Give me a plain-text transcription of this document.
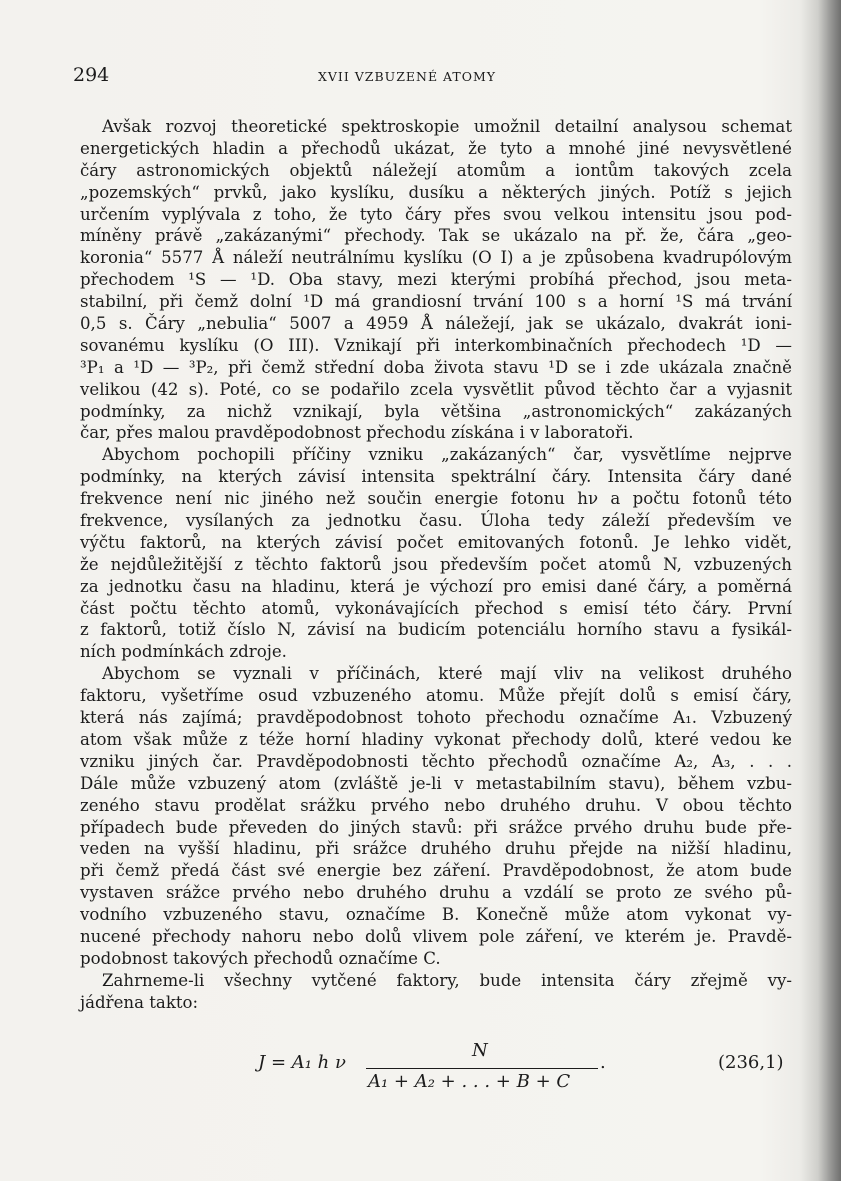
294	XVII VZBUZENÉ ATOMY
Avšak rozvoj theoretické spektroskopie umožnil detailní analysou schemat
energetických hladin a přechodů ukázat, že tyto a mnohé jiné nevysvětlené
čáry astronomických objektů náležejí atomům a iontům takových zcela
„pozemských“ prvků, jako kyslíku, dusíku a některých jiných. Potíž s jejich
určením vyplývala z toho, že tyto čáry přes svou velkou intensitu jsou pod-
míněny právě „zakázanými“ přechody. Tak se ukázalo na př. že, čára „geo-
koronia“ 5577 Å náleží neutrálnímu kyslíku (O I) a je způsobena kvadrupólovým
přechodem ¹S — ¹D. Oba stavy, mezi kterými probíhá přechod, jsou meta-
stabilní, při čemž dolní ¹D má grandiosní trvání 100 s a horní ¹S má trvání
0,5 s. Čáry „nebulia“ 5007 a 4959 Å náležejí, jak se ukázalo, dvakrát ioni-
sovanému kyslíku (O III). Vznikají při interkombinačních přechodech ¹D —
³P₁ a ¹D — ³P₂, při čemž střední doba života stavu ¹D se i zde ukázala značně
velikou (42 s). Poté, co se podařilo zcela vysvětlit původ těchto čar a vyjasnit
podmínky, za nichž vznikají, byla většina „astronomických“ zakázaných
čar, přes malou pravděpodobnost přechodu získána i v laboratoři.
Abychom pochopili příčiny vzniku „zakázaných“ čar, vysvětlíme nejprve
podmínky, na kterých závisí intensita spektrální čáry. Intensita čáry dané
frekvence není nic jiného než součin energie fotonu hν a počtu fotonů této
frekvence, vysílaných za jednotku času. Úloha tedy záleží především ve
výčtu faktorů, na kterých závisí počet emitovaných fotonů. Je lehko vidět,
že nejdůležitější z těchto faktorů jsou především počet atomů N, vzbuzených
za jednotku času na hladinu, která je výchozí pro emisi dané čáry, a poměrná
část počtu těchto atomů, vykonávajících přechod s emisí této čáry. První
z faktorů, totiž číslo N, závisí na budicím potenciálu horního stavu a fysikál-
ních podmínkách zdroje.
Abychom se vyznali v příčinách, které mají vliv na velikost druhého
faktoru, vyšetříme osud vzbuzeného atomu. Může přejít dolů s emisí čáry,
která nás zajímá; pravděpodobnost tohoto přechodu označíme A₁. Vzbuzený
atom však může z téže horní hladiny vykonat přechody dolů, které vedou ke
vzniku jiných čar. Pravděpodobnosti těchto přechodů označíme A₂, A₃, . . .
Dále může vzbuzený atom (zvláště je-li v metastabilním stavu), během vzbu-
zeného stavu prodělat srážku prvého nebo druhého druhu. V obou těchto
případech bude převeden do jiných stavů: při srážce prvého druhu bude pře-
veden na vyšší hladinu, při srážce druhého druhu přejde na nižší hladinu,
při čemž předá část své energie bez záření. Pravděpodobnost, že atom bude
vystaven srážce prvého nebo druhého druhu a vzdálí se proto ze svého pů-
vodního vzbuzeného stavu, označíme B. Konečně může atom vykonat vy-
nucené přechody nahoru nebo dolů vlivem pole záření, ve kterém je. Pravdě-
podobnost takových přechodů označíme C.
Zahrneme-li všechny vytčené faktory, bude intensita čáry zřejmě vy-
jádřena takto:
J = A₁ h ν
N
A₁ + A₂ + . . . + B + C
.	(236,1)
